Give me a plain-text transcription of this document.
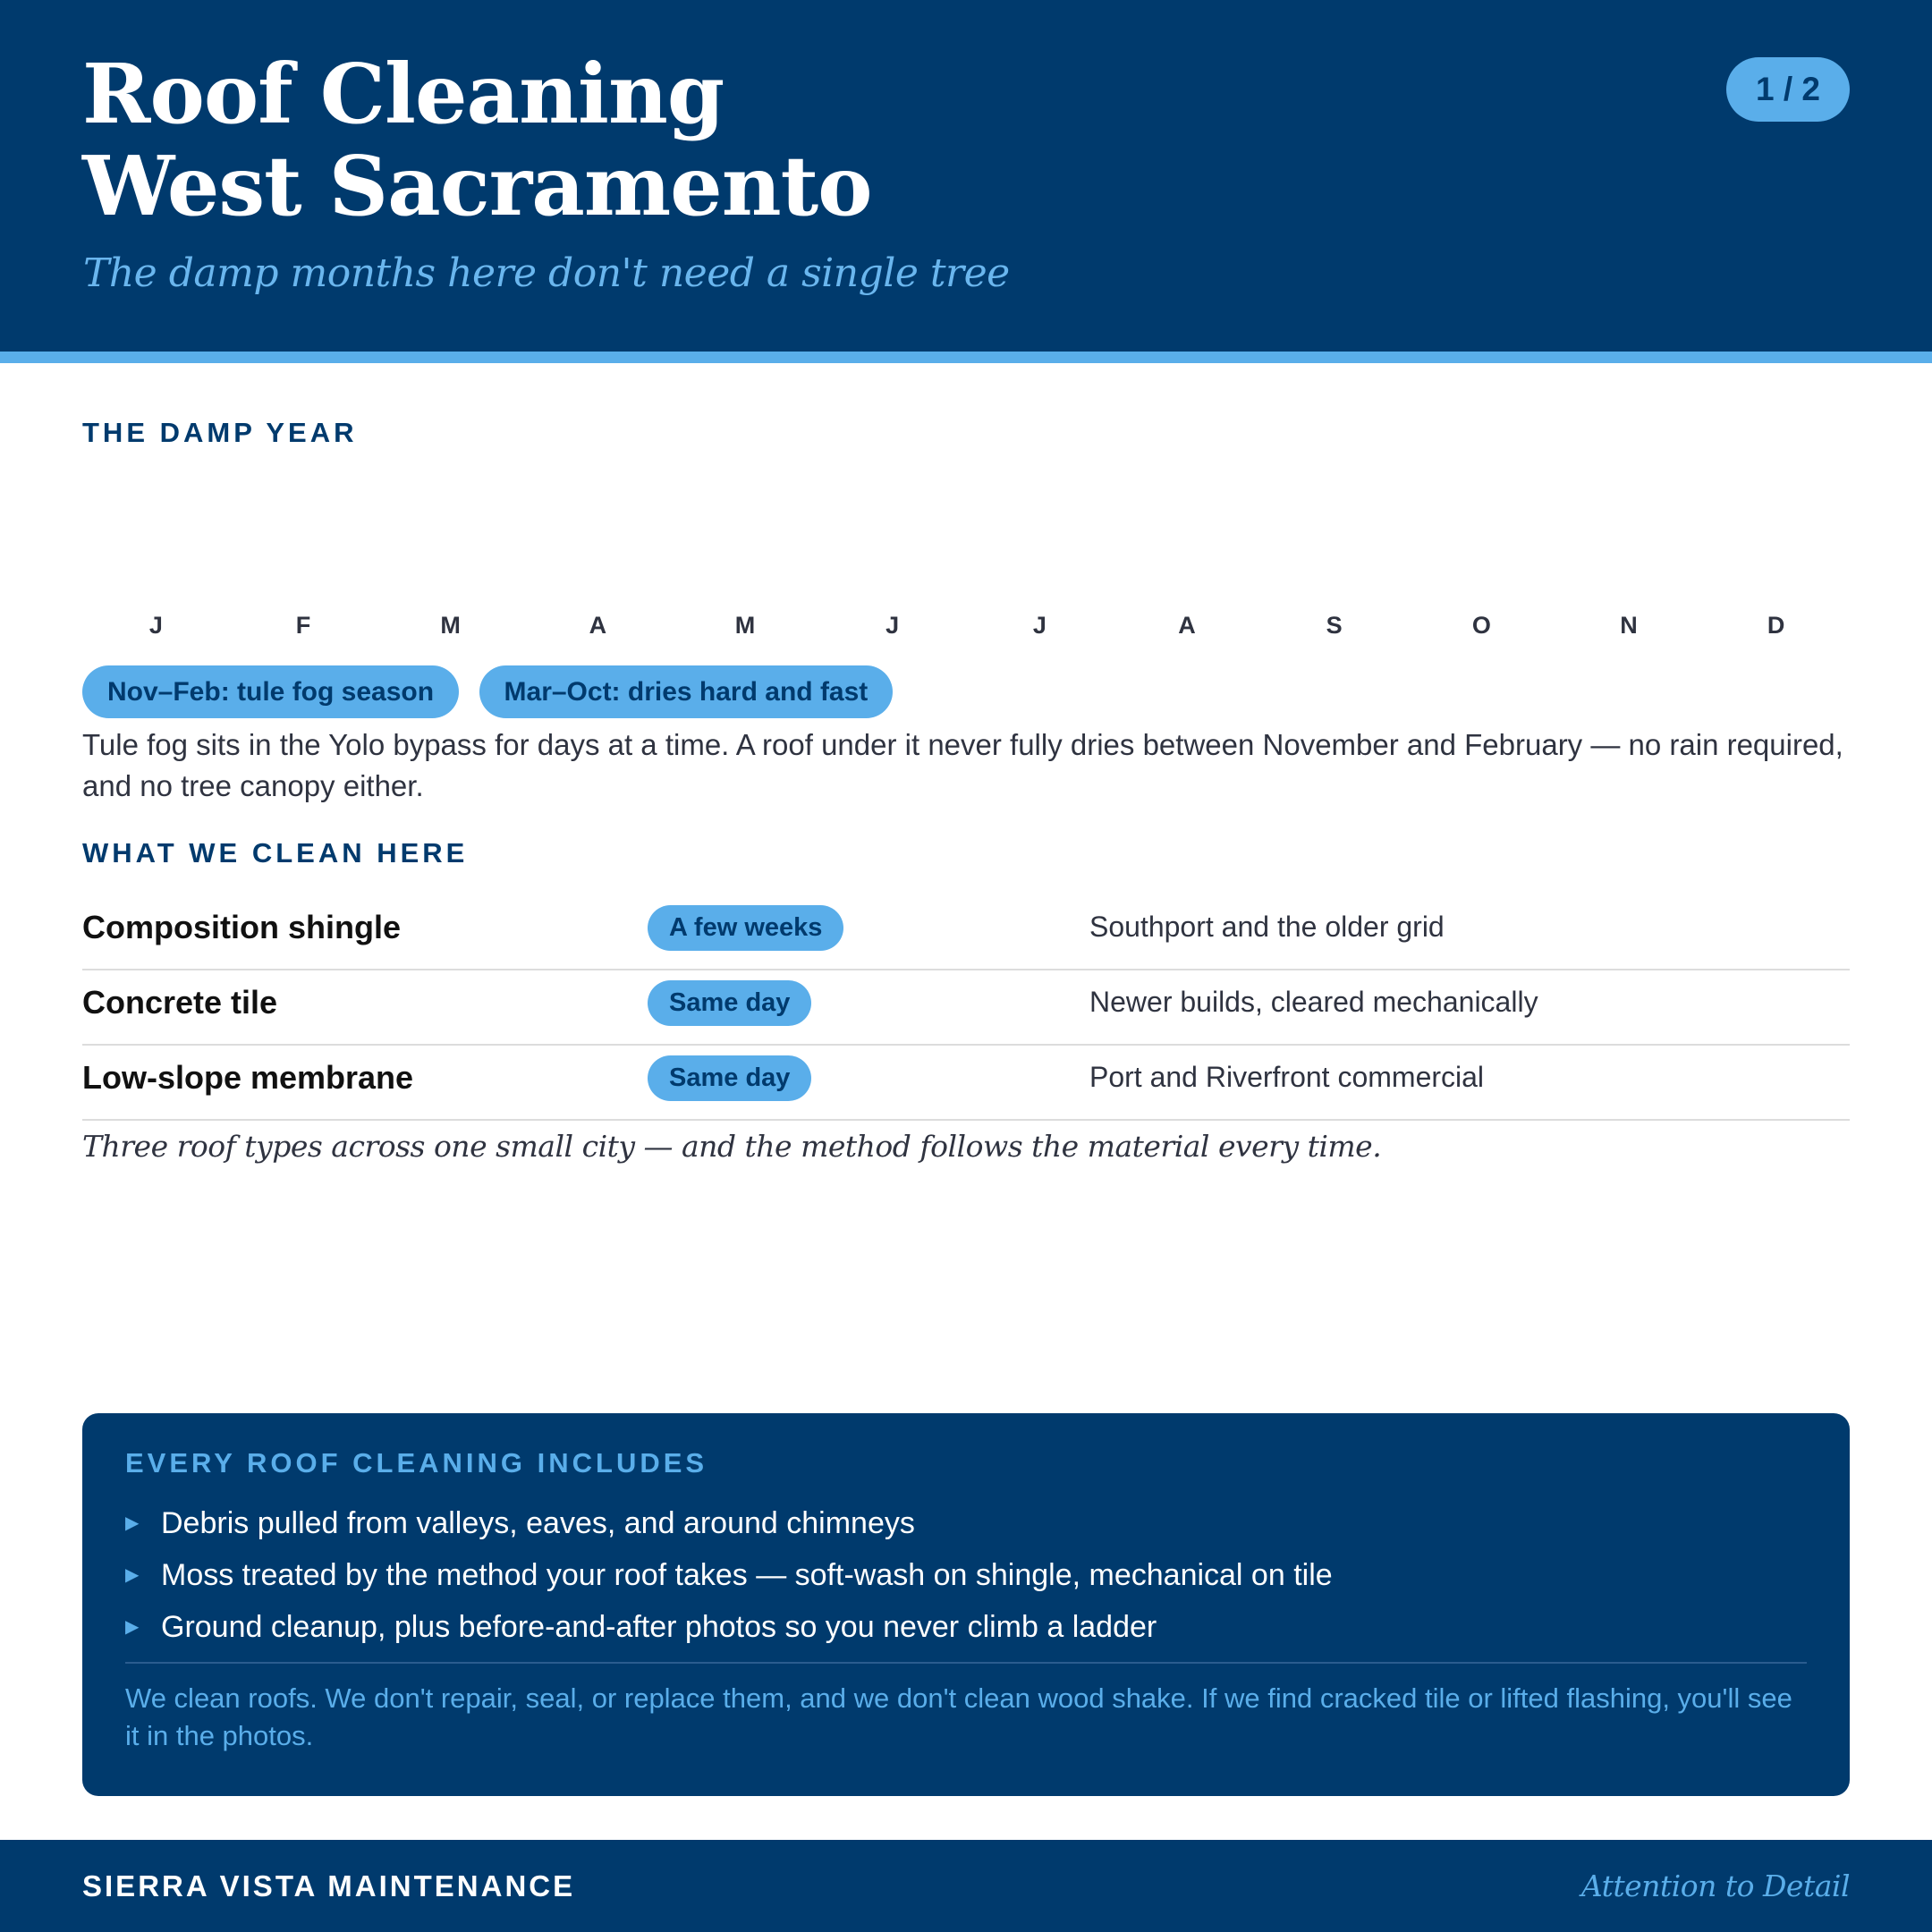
Roof Cleaning
West Sacramento
The damp months here don't need a single tree
1 / 2
THE DAMP YEAR
J	F	M	A	M	J	J	A	S	O	N	D
Nov–Feb: tule fog season	Mar–Oct: dries hard and fast
Tule fog sits in the Yolo bypass for days at a time. A roof under it never fully dries between November and February — no rain required, and no tree canopy either.
WHAT WE CLEAN HERE
Composition shingle	A few weeks	Southport and the older grid
Concrete tile	Same day	Newer builds, cleared mechanically
Low-slope membrane	Same day	Port and Riverfront commercial
Three roof types across one small city — and the method follows the material every time.
EVERY ROOF CLEANING INCLUDES
▶ Debris pulled from valleys, eaves, and around chimneys
▶ Moss treated by the method your roof takes — soft-wash on shingle, mechanical on tile
▶ Ground cleanup, plus before-and-after photos so you never climb a ladder
We clean roofs. We don't repair, seal, or replace them, and we don't clean wood shake. If we find cracked tile or lifted flashing, you'll see it in the photos.
SIERRA VISTA MAINTENANCE	Attention to Detail
